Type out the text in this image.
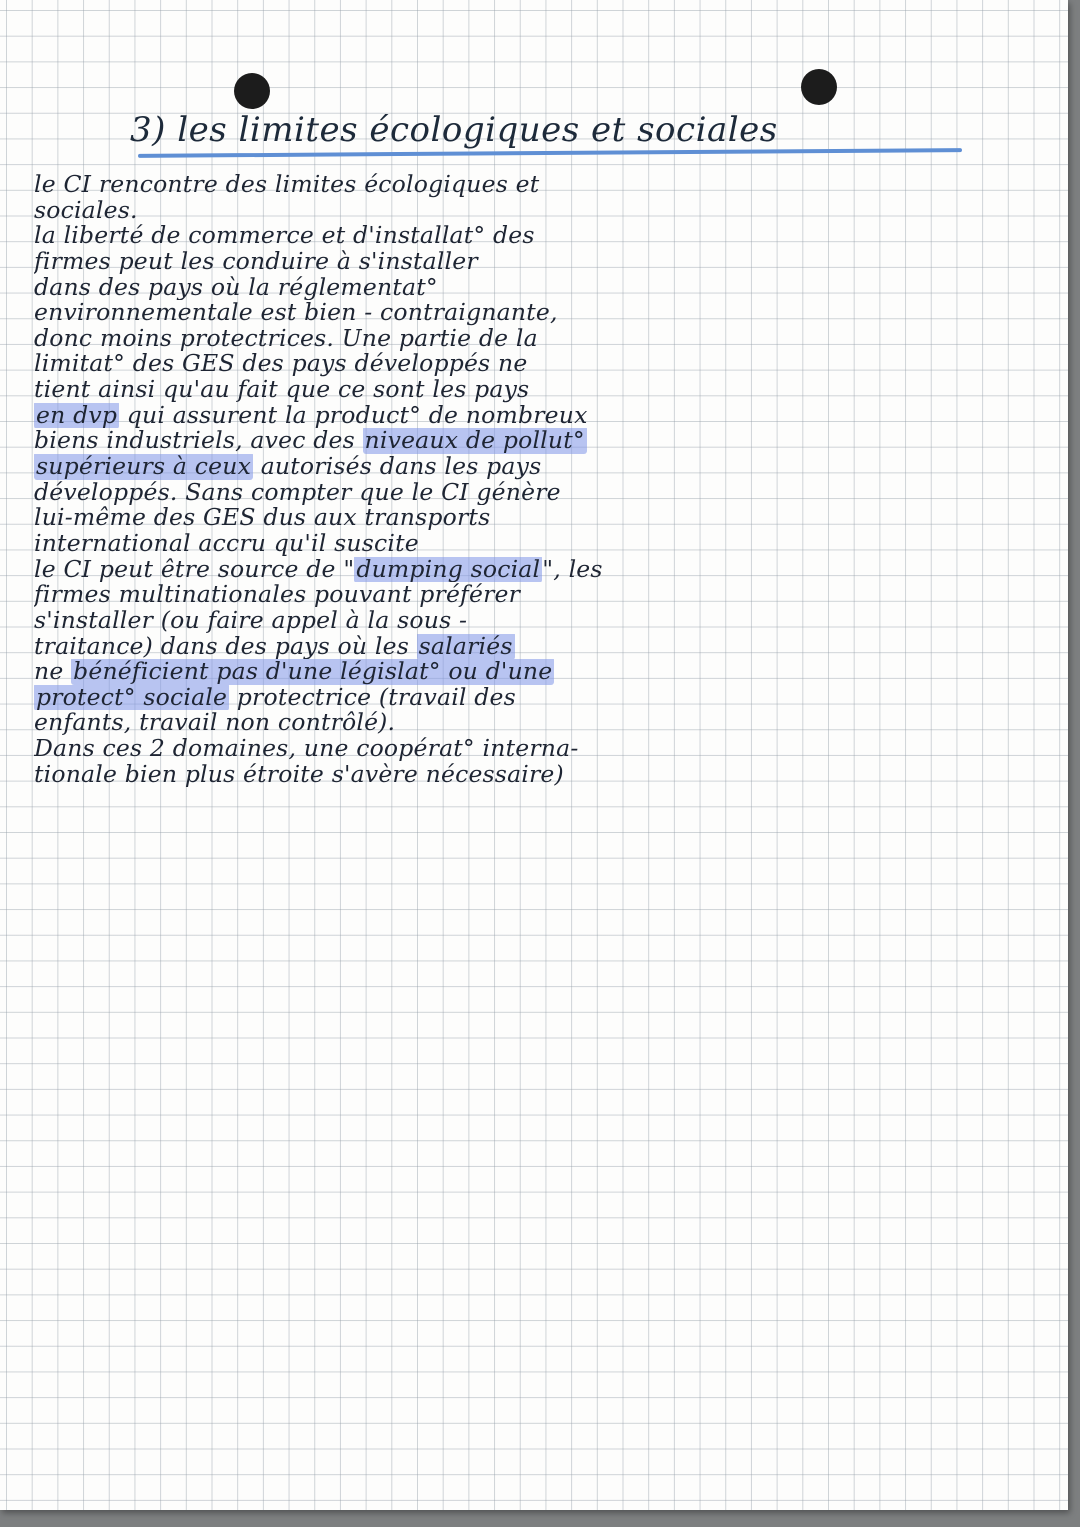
3) les limites écologiques et sociales
le CI rencontre des limites écologiques et
sociales.
la liberté de commerce et d'installat° des
firmes peut les conduire à s'installer
dans des pays où la réglementat°
environnementale est bien - contraignante,
donc moins protectrices. Une partie de la
limitat° des GES des pays développés ne
tient ainsi qu'au fait que ce sont les pays
en dvp qui assurent la product° de nombreux
biens industriels, avec des niveaux de pollut°
supérieurs à ceux autorisés dans les pays
développés. Sans compter que le CI génère
lui-même des GES dus aux transports
international accru qu'il suscite
le CI peut être source de "dumping social", les
firmes multinationales pouvant préférer
s'installer (ou faire appel à la sous -
traitance) dans des pays où les salariés
ne bénéficient pas d'une législat° ou d'une
protect° sociale protectrice (travail des
enfants, travail non contrôlé).
Dans ces 2 domaines, une coopérat° interna-
tionale bien plus étroite s'avère nécessaire)
